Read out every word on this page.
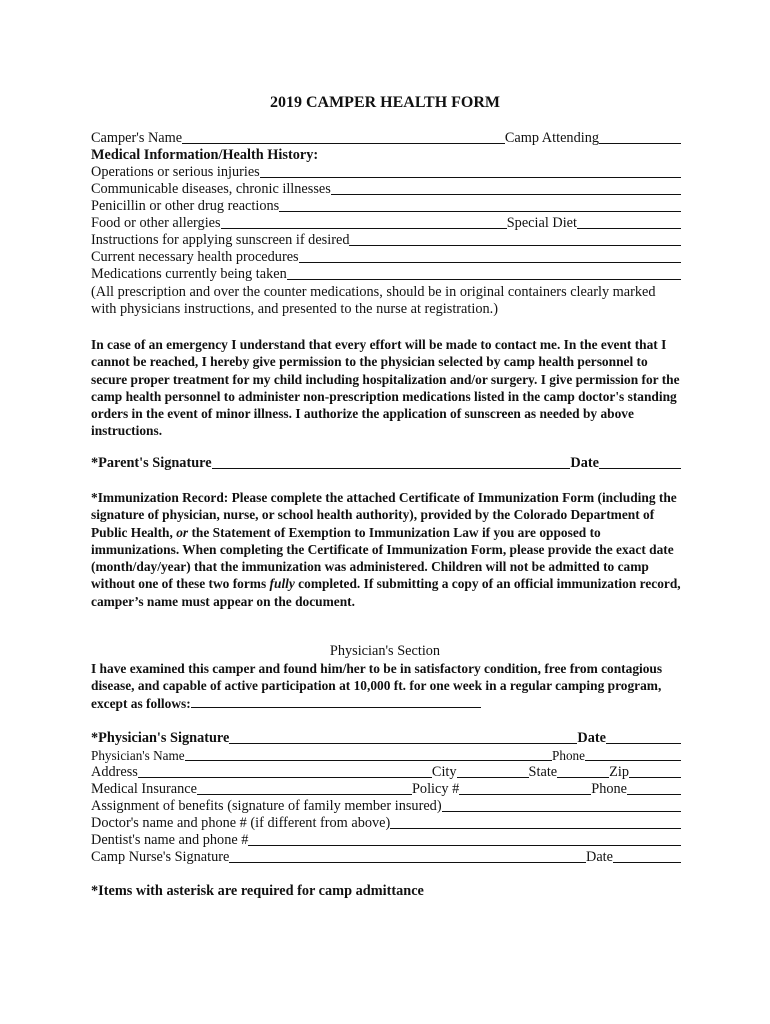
2019 CAMPER HEALTH FORM
Camper's Name	Camp Attending
Medical Information/Health History:
Operations or serious injuries
Communicable diseases, chronic illnesses
Penicillin or other drug reactions
Food or other allergies	Special Diet
Instructions for applying sunscreen if desired
Current necessary health procedures
Medications currently being taken
(All prescription and over the counter medications, should be in original containers clearly marked with physicians instructions, and presented to the nurse at registration.)
In case of an emergency I understand that every effort will be made to contact me. In the event that I cannot be reached, I hereby give permission to the physician selected by camp health personnel to secure proper treatment for my child including hospitalization and/or surgery. I give permission for the camp health personnel to administer non-prescription medications listed in the camp doctor's standing orders in the event of minor illness. I authorize the application of sunscreen as needed by above instructions.
*Parent's Signature	Date
*Immunization Record: Please complete the attached Certificate of Immunization Form (including the signature of physician, nurse, or school health authority), provided by the Colorado Department of Public Health, or the Statement of Exemption to Immunization Law if you are opposed to immunizations. When completing the Certificate of Immunization Form, please provide the exact date (month/day/year) that the immunization was administered. Children will not be admitted to camp without one of these two forms fully completed. If submitting a copy of an official immunization record, camper’s name must appear on the document.
Physician's Section
I have examined this camper and found him/her to be in satisfactory condition, free from contagious disease, and capable of active participation at 10,000 ft. for one week in a regular camping program, except as follows:
*Physician's Signature	Date
Physician's Name	Phone
Address	City	State	Zip
Medical Insurance	Policy #	Phone
Assignment of benefits (signature of family member insured)
Doctor's name and phone # (if different from above)
Dentist's name and phone #
Camp Nurse's Signature	Date
*Items with asterisk are required for camp admittance
